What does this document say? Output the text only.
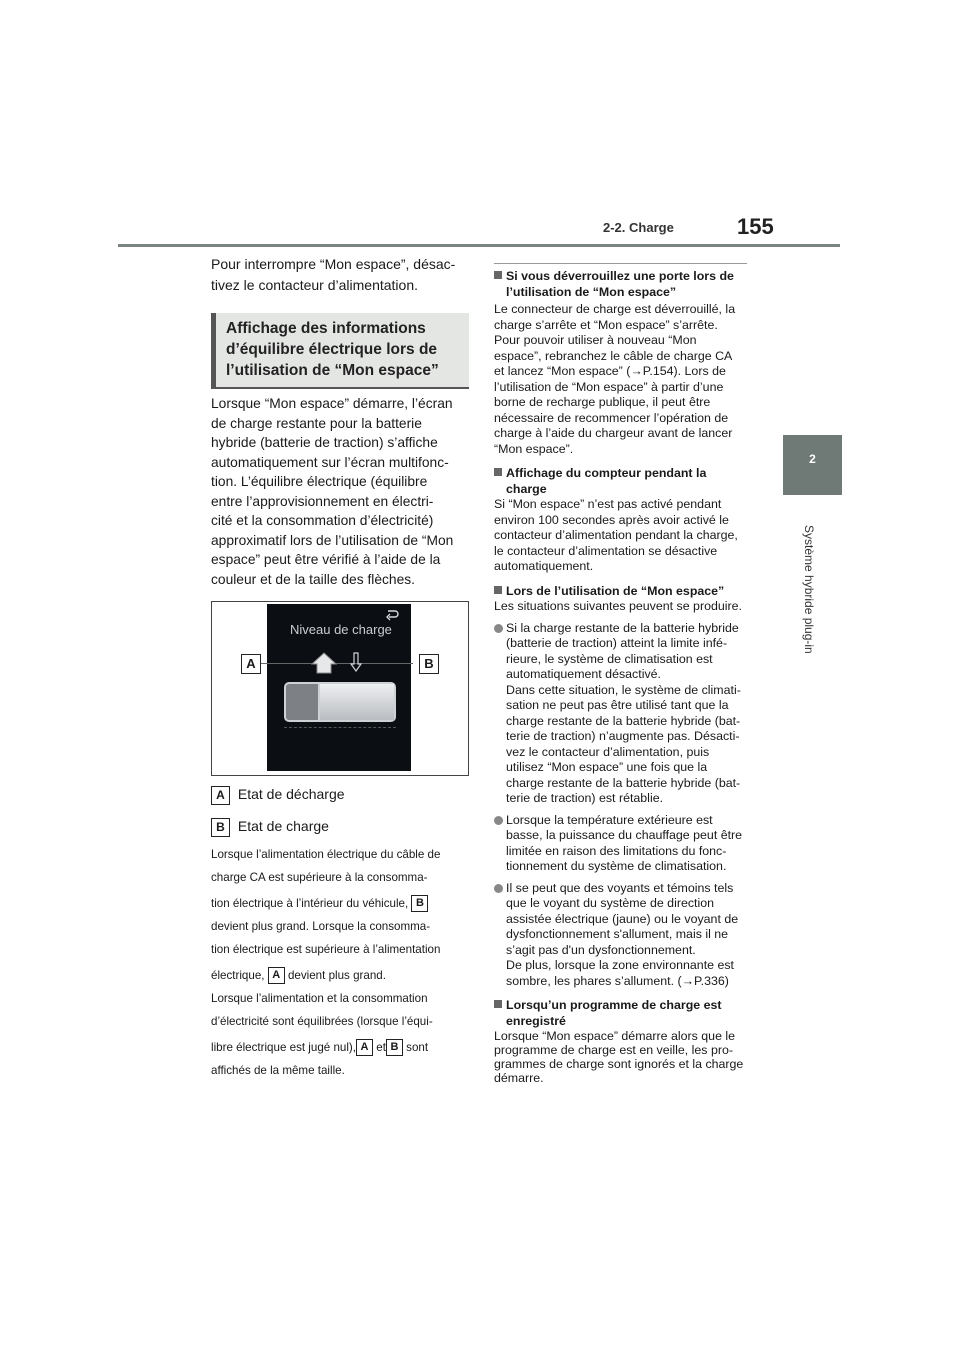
2-2. Charge	155
2
Système hybride plug-in
Pour interrompre “Mon espace”, désac-
tivez le contacteur d’alimentation.
Affichage des informations
d’équilibre électrique lors de
l’utilisation de “Mon espace”
Lorsque “Mon espace” démarre, l’écran
de charge restante pour la batterie
hybride (batterie de traction) s’affiche
automatiquement sur l’écran multifonc-
tion. L’équilibre électrique (équilibre
entre l’approvisionnement en électri-
cité et la consommation d’électricité)
approximatif lors de l’utilisation de “Mon
espace” peut être vérifié à l’aide de la
couleur et de la taille des flèches.
Niveau de charge
A	B
A Etat de décharge
B Etat de charge
Lorsque l’alimentation électrique du câble de
charge CA est supérieure à la consomma-
tion électrique à l’intérieur du véhicule, B
devient plus grand. Lorsque la consomma-
tion électrique est supérieure à l’alimentation
électrique, A devient plus grand.
Lorsque l’alimentation et la consommation
d’électricité sont équilibrées (lorsque l’équi-
libre électrique est jugé nul), A et B sont
affichés de la même taille.
Si vous déverrouillez une porte lors de
l’utilisation de “Mon espace”
Le connecteur de charge est déverrouillé, la
charge s’arrête et “Mon espace” s’arrête.
Pour pouvoir utiliser à nouveau “Mon
espace”, rebranchez le câble de charge CA
et lancez “Mon espace” (→P.154). Lors de
l’utilisation de “Mon espace” à partir d’une
borne de recharge publique, il peut être
nécessaire de recommencer l’opération de
charge à l’aide du chargeur avant de lancer
“Mon espace”.
Affichage du compteur pendant la
charge
Si “Mon espace” n’est pas activé pendant
environ 100 secondes après avoir activé le
contacteur d’alimentation pendant la charge,
le contacteur d’alimentation se désactive
automatiquement.
Lors de l’utilisation de “Mon espace”
Les situations suivantes peuvent se produire.
Si la charge restante de la batterie hybride
(batterie de traction) atteint la limite infé-
rieure, le système de climatisation est
automatiquement désactivé.
Dans cette situation, le système de climati-
sation ne peut pas être utilisé tant que la
charge restante de la batterie hybride (bat-
terie de traction) n’augmente pas. Désacti-
vez le contacteur d’alimentation, puis
utilisez “Mon espace” une fois que la
charge restante de la batterie hybride (bat-
terie de traction) est rétablie.
Lorsque la température extérieure est
basse, la puissance du chauffage peut être
limitée en raison des limitations du fonc-
tionnement du système de climatisation.
Il se peut que des voyants et témoins tels
que le voyant du système de direction
assistée électrique (jaune) ou le voyant de
dysfonctionnement s'allument, mais il ne
s’agit pas d'un dysfonctionnement.
De plus, lorsque la zone environnante est
sombre, les phares s’allument. (→P.336)
Lorsqu’un programme de charge est
enregistré
Lorsque “Mon espace” démarre alors que le
programme de charge est en veille, les pro-
grammes de charge sont ignorés et la charge
démarre.
